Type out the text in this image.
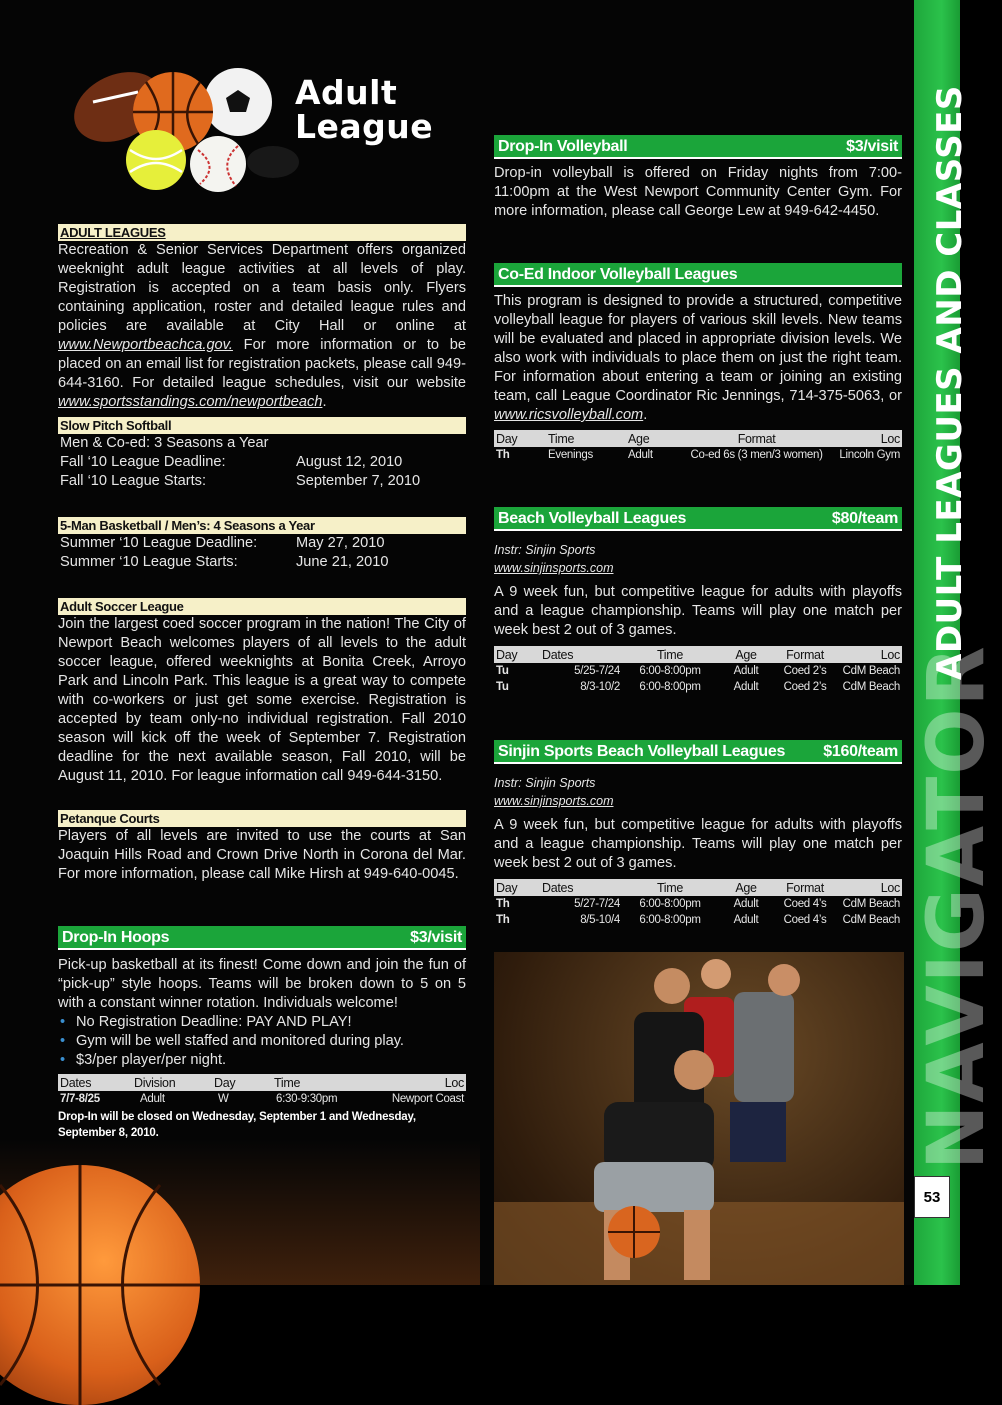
Adult
League
NAVIGATOR
ADULT LEAGUES AND CLASSES
53
ADULT LEAGUES

Recreation & Senior Services Department offers organized weeknight adult league activities at all levels of play. Registration is accepted on a team basis only. Flyers containing application, roster and detailed league rules and policies are available at City Hall or online at www.Newportbeachca.gov. For more information or to be placed on an email list for registration packets, please call 949-644-3160. For detailed league schedules, visit our website www.sportsstandings.com/newportbeach.

Slow Pitch Softball
Men & Co-ed: 3 Seasons a Year
Fall ‘10 League Deadline:	August 12, 2010
Fall ‘10 League Starts:	September 7, 2010
5-Man Basketball / Men’s: 4 Seasons a Year
Summer ‘10 League Deadline:	May 27, 2010
Summer ‘10 League Starts:	June 21, 2010
Adult Soccer League

Join the largest coed soccer program in the nation! The City of Newport Beach welcomes players of all levels to the adult soccer league, offered weeknights at Bonita Creek, Arroyo Park and Lincoln Park. This league is a great way to compete with co-workers or just get some exercise. Registration is accepted by team only-no individual registration. Fall 2010 season will kick off the week of September 7. Registration deadline for the next available season, Fall 2010, will be August 11, 2010. For league information call 949-644-3150.

Petanque Courts

Players of all levels are invited to use the courts at San Joaquin Hills Road and Crown Drive North in Corona del Mar. For more information, please call Mike Hirsh at 949-640-0045.

Drop-In Hoops	$3/visit

Pick-up basketball at its finest! Come down and join the fun of “pick-up” style hoops. Teams will be broken down to 5 on 5 with a constant winner rotation. Individuals welcome!

• No Registration Deadline: PAY AND PLAY!
• Gym will be well staffed and monitored during play.
• $3/per player/per night.
Dates	Division	Day	Time	Loc
7/7-8/25	Adult	W	6:30-9:30pm	Newport Coast
Drop-In will be closed on Wednesday, September 1 and Wednesday, September 8, 2010.
Drop-In Volleyball	$3/visit

Drop-in volleyball is offered on Friday nights from 7:00-11:00pm at the West Newport Community Center Gym. For more information, please call George Lew at 949-642-4450.

Co-Ed Indoor Volleyball Leagues

This program is designed to provide a structured, competitive volleyball league for players of various skill levels. New teams will be evaluated and placed in appropriate division levels. We also work with individuals to place them on just the right team. For information about entering a team or joining an existing team, call League Coordinator Ric Jennings, 714-375-5063, or www.ricsvolleyball.com.

Day	Time	Age	Format	Loc
Th	Evenings	Adult	Co-ed 6s (3 men/3 women)	Lincoln Gym
Beach Volleyball Leagues	$80/team
Instr: Sinjin Sports
www.sinjinsports.com

A 9 week fun, but competitive league for adults with playoffs and a league championship. Teams will play one match per week best 2 out of 3 games.

Day	Dates	Time	Age	Format	Loc
Tu	5/25-7/24	6:00-8:00pm	Adult	Coed 2’s	CdM Beach
Tu	8/3-10/2	6:00-8:00pm	Adult	Coed 2’s	CdM Beach
Sinjin Sports Beach Volleyball Leagues $160/team
Instr: Sinjin Sports
www.sinjinsports.com

A 9 week fun, but competitive league for adults with playoffs and a league championship. Teams will play one match per week best 2 out of 3 games.

Day	Dates	Time	Age	Format	Loc
Th	5/27-7/24	6:00-8:00pm	Adult	Coed 4’s	CdM Beach
Th	8/5-10/4	6:00-8:00pm	Adult	Coed 4’s	CdM Beach
